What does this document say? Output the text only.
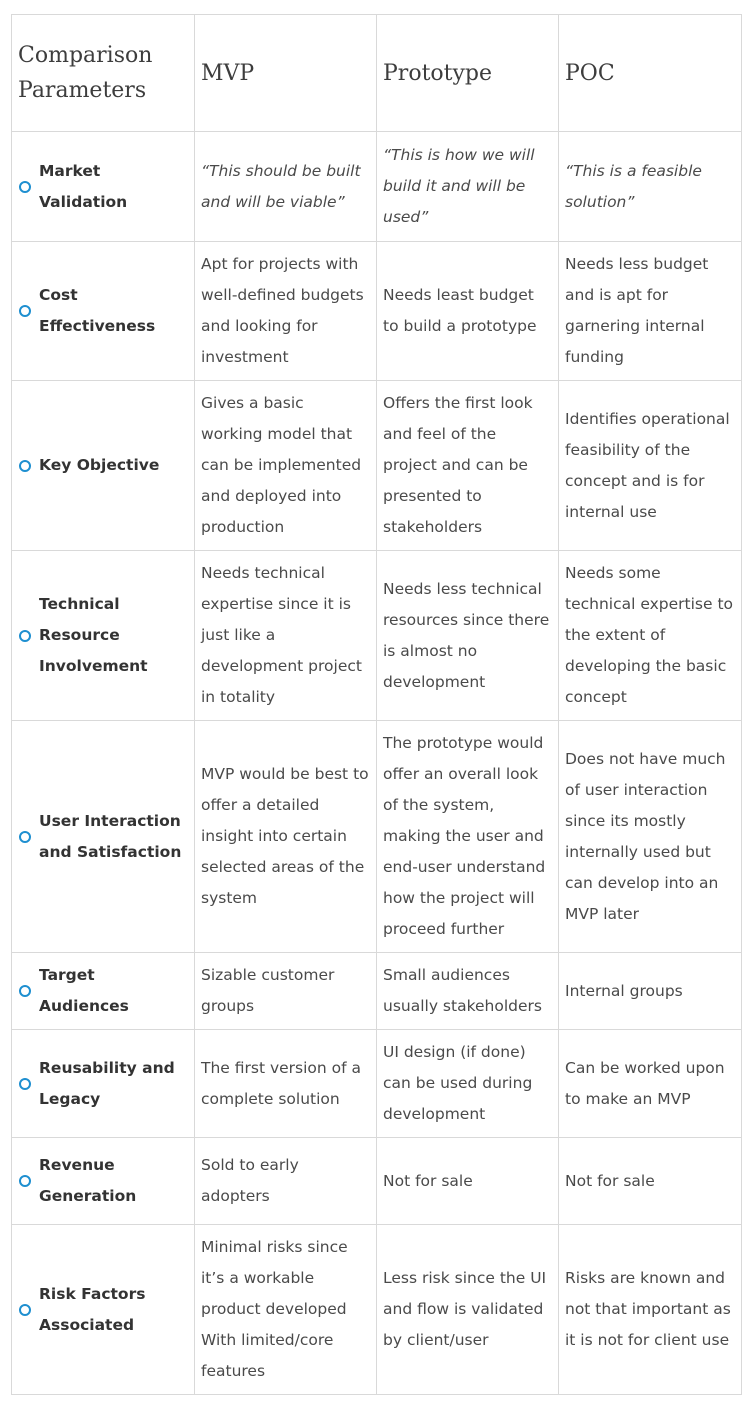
Comparison Parameters	MVP	Prototype	POC

Market Validation	“This should be built and will be viable”	“This is how we will build it and will be used”	“This is a feasible solution”

Cost Effectiveness	Apt for projects with well-defined budgets and looking for investment	Needs least budget to build a prototype	Needs less budget and is apt for garnering internal funding

Key Objective	Gives a basic working model that can be implemented and deployed into production	Offers the first look and feel of the project and can be presented to stakeholders	Identifies operational feasibility of the concept and is for internal use

Technical Resource Involvement	Needs technical expertise since it is just like a development project in totality	Needs less technical resources since there is almost no development	Needs some technical expertise to the extent of developing the basic concept

User Interaction and Satisfaction	MVP would be best to offer a detailed insight into certain selected areas of the system	The prototype would offer an overall look of the system, making the user and end-user understand how the project will proceed further	Does not have much of user interaction since its mostly internally used but can develop into an MVP later

Target Audiences	Sizable customer groups	Small audiences usually stakeholders	Internal groups

Reusability and Legacy	The first version of a complete solution	UI design (if done) can be used during development	Can be worked upon to make an MVP

Revenue Generation	Sold to early adopters	Not for sale	Not for sale

Risk Factors Associated	Minimal risks since it’s a workable product developed With limited/core features	Less risk since the UI and flow is validated by client/user	Risks are known and not that important as it is not for client use
